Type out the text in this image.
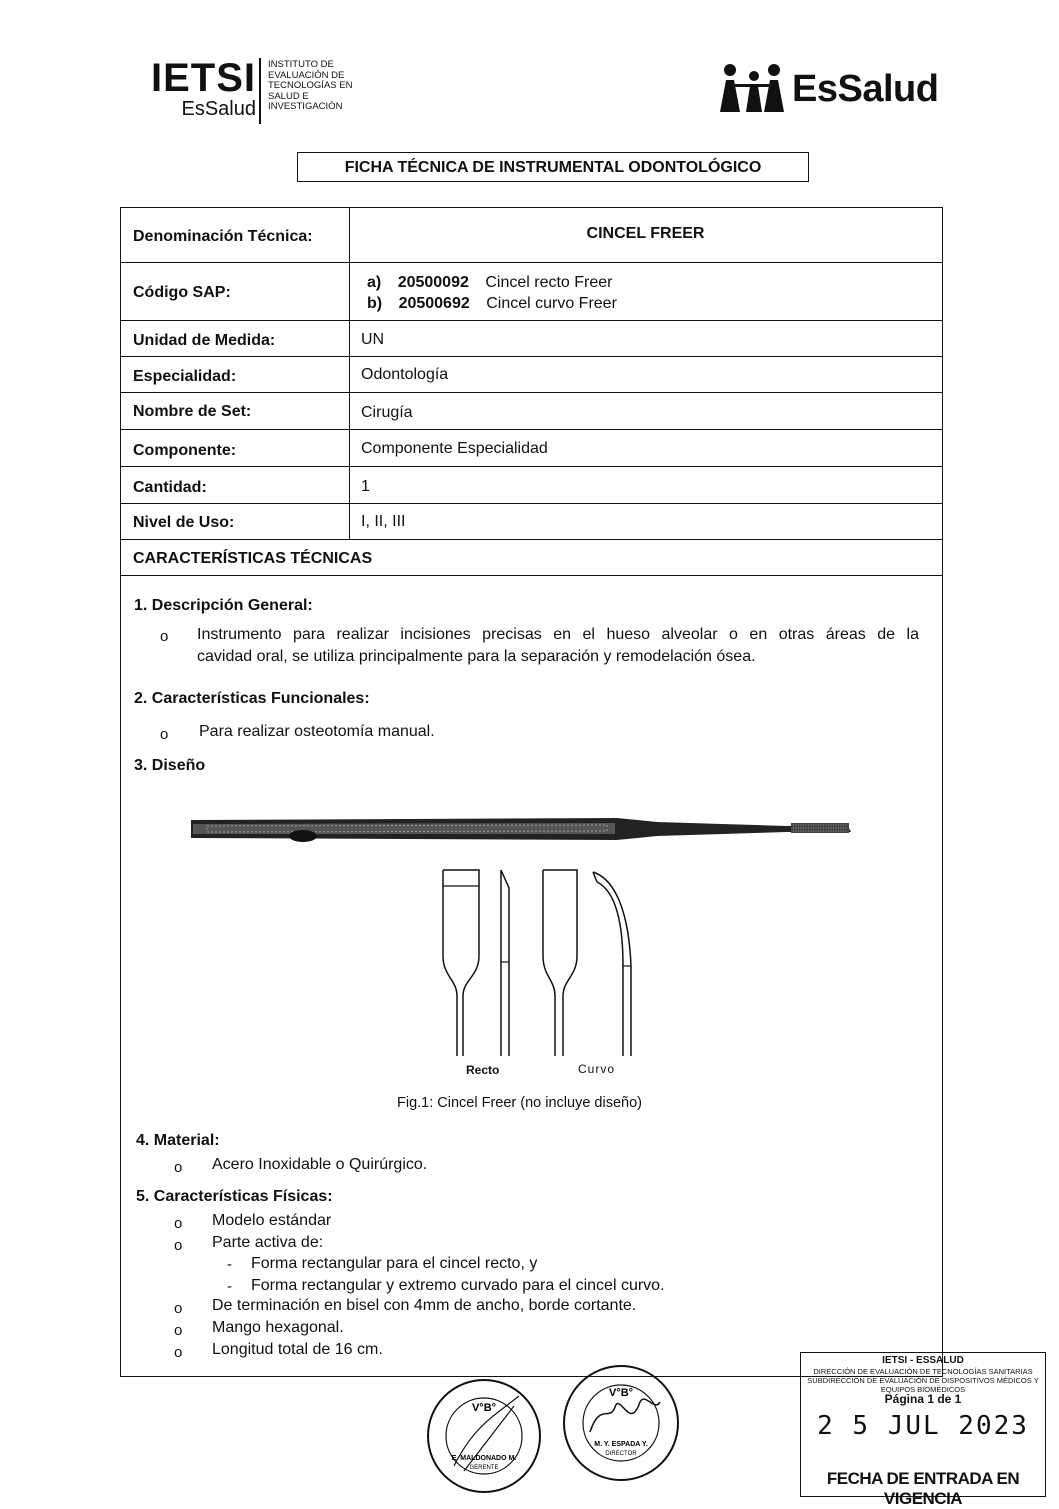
IETSI
EsSalud
INSTITUTO DE
EVALUACIÓN DE
TECNOLOGÍAS EN
SALUD E
INVESTIGACIÓN	EsSalud
FICHA TÉCNICA DE INSTRUMENTAL ODONTOLÓGICO
Denominación Técnica:	CINCEL FREER
Código SAP:
a) 20500092 Cincel recto Freer
b) 20500692 Cincel curvo Freer
Unidad de Medida:	UN
Especialidad:	Odontología
Nombre de Set:	Cirugía
Componente:	Componente Especialidad
Cantidad:	1
Nivel de Uso:	I, II, III
CARACTERÍSTICAS TÉCNICAS
1. Descripción General:
o Instrumento para realizar incisiones precisas en el hueso alveolar o en otras áreas de la
cavidad oral, se utiliza principalmente para la separación y remodelación ósea.
2. Características Funcionales:
o Para realizar osteotomía manual.
3. Diseño
Recto	Curvo
Fig.1: Cincel Freer (no incluye diseño)
4. Material:
o Acero Inoxidable o Quirúrgico.
5. Características Físicas:
o Modelo estándar
o Parte activa de:
- Forma rectangular para el cincel recto, y
- Forma rectangular y extremo curvado para el cincel curvo.
o De terminación en bisel con 4mm de ancho, borde cortante.
o Mango hexagonal.
o Longitud total de 16 cm.
V°B°
E. MALDONADO M.
GERENTE
V°B°
M. Y. ESPADA Y.
DIRECTOR
IETSI - ESSALUD
DIRECCIÓN DE EVALUACIÓN DE TECNOLOGÍAS SANITARIAS
SUBDIRECCIÓN DE EVALUACIÓN DE DISPOSITIVOS MÉDICOS Y EQUIPOS BIOMÉDICOS
Página 1 de 1
2 5 JUL 2023
FECHA DE ENTRADA EN VIGENCIA
